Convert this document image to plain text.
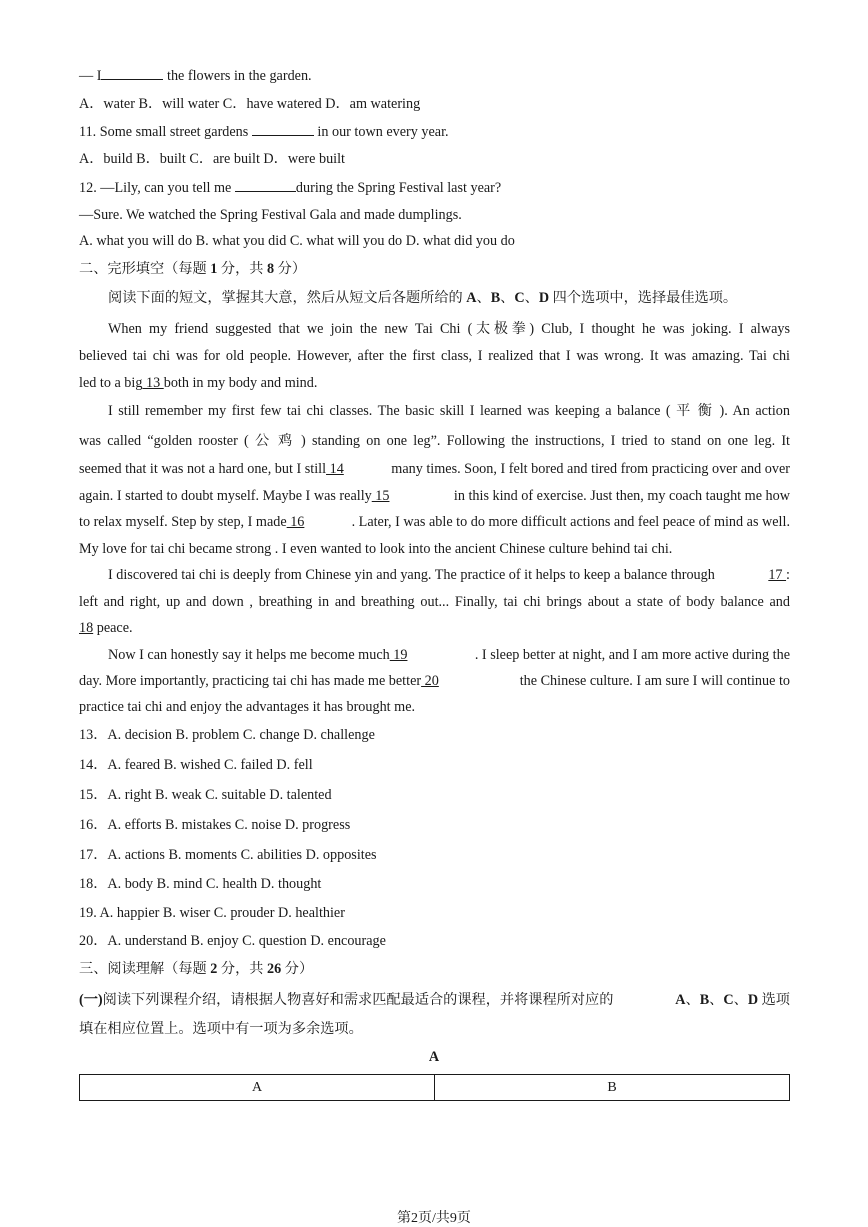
— I	the flowers in the garden.
A．water B．will water C．have watered D．am watering
11. Some small street gardens	in our town every year.
A．build B．built C．are built D．were built
12. —Lily, can you tell me	during the Spring Festival last year?
—Sure. We watched the Spring Festival Gala and made dumplings.
A. what you will do B. what you did C. what will you do D. what did you do
二、完形填空（每题 1 分，共 8 分）
阅读下面的短文，掌握其大意，然后从短文后各题所给的 A、B、C、D 四个选项中，选择最佳选项。
When my friend suggested that we join the new Tai Chi (太极拳) Club, I thought he was joking. I always
believed tai chi was for old people. However, after the first class, I realized that I was wrong. It was amazing. Tai chi
led to a big 13 both in my body and mind.
I still remember my first few tai chi classes. The basic skill I learned was keeping a balance ( 平 衡 ). An action
was called “golden rooster ( 公 鸡 ) standing on one leg”. Following the instructions, I tried to stand on one leg. It
seemed that it was not a hard one, but I still 14	many times. Soon, I felt bored and tired from practicing over and over
again. I started to doubt myself. Maybe I was really 15	in this kind of exercise. Just then, my coach taught me how
to relax myself. Step by step, I made 16	. Later, I was able to do more difficult actions and feel peace of mind as well.
My love for tai chi became strong . I even wanted to look into the ancient Chinese culture behind tai chi.
I discovered tai chi is deeply from Chinese yin and yang. The practice of it helps to keep a balance through	17 :
left and right, up and down , breathing in and breathing out... Finally, tai chi brings about a state of body balance and
18 peace.
Now I can honestly say it helps me become much 19	. I sleep better at night, and I am more active during the
day. More importantly, practicing tai chi has made me better 20	the Chinese culture. I am sure I will continue to
practice tai chi and enjoy the advantages it has brought me.
13．A. decision B. problem C. change D. challenge
14．A. feared B. wished C. failed D. fell
15．A. right B. weak C. suitable D. talented
16．A. efforts B. mistakes C. noise D. progress
17．A. actions B. moments C. abilities D. opposites
18．A. body B. mind C. health D. thought
19. A. happier B. wiser C. prouder D. healthier
20．A. understand B. enjoy C. question D. encourage
三、阅读理解（每题 2 分，共 26 分）
(一) 阅读下列课程介绍，请根据人物喜好和需求匹配最适合的课程，并将课程所对应的	A、B、C、D 选项
填在相应位置上。选项中有一项为多余选项。
A
A	B
第2页/共9页
